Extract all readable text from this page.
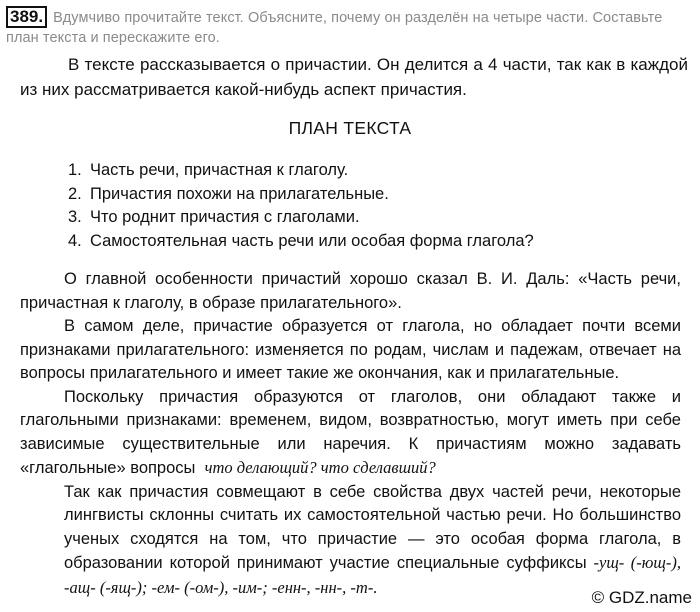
389. Вдумчиво прочитайте текст. Объясните, почему он разделён на четыре части. Составьте план текста и перескажите его.

В тексте рассказывается о причастии. Он делится а 4 части, так как в каждой из них рассматривается какой-нибудь аспект причастия.

ПЛАН ТЕКСТА
1. Часть речи, причастная к глаголу.
2. Причастия похожи на прилагательные.
3. Что роднит причастия с глаголами.
4. Самостоятельная часть речи или особая форма глагола?

О главной особенности причастий хорошо сказал В. И. Даль: «Часть речи, причастная к глаголу, в образе прилагательного».

В самом деле, причастие образуется от глагола, но обладает почти всеми признаками прилагательного: изменяется по родам, числам и падежам, отвечает на вопросы прилагательного и имеет такие же окончания, как и прилагательные.

Поскольку причастия образуются от глаголов, они обладают также и глагольными признаками: временем, видом, возвратностью, могут иметь при себе зависимые существительные или наречия. К причастиям можно задавать «глагольные» вопросы что делающий? что сделавший?

Так как причастия совмещают в себе свойства двух частей речи, некоторые лингвисты склонны считать их самостоятельной частью речи. Но большинство ученых сходятся на том, что причастие — это особая форма глагола, в образовании которой принимают участие специальные суффиксы -ущ- (-ющ-), -ащ- (-ящ-); -ем- (-ом-), -им-; -енн-, -нн-, -т-.

© GDZ.name
